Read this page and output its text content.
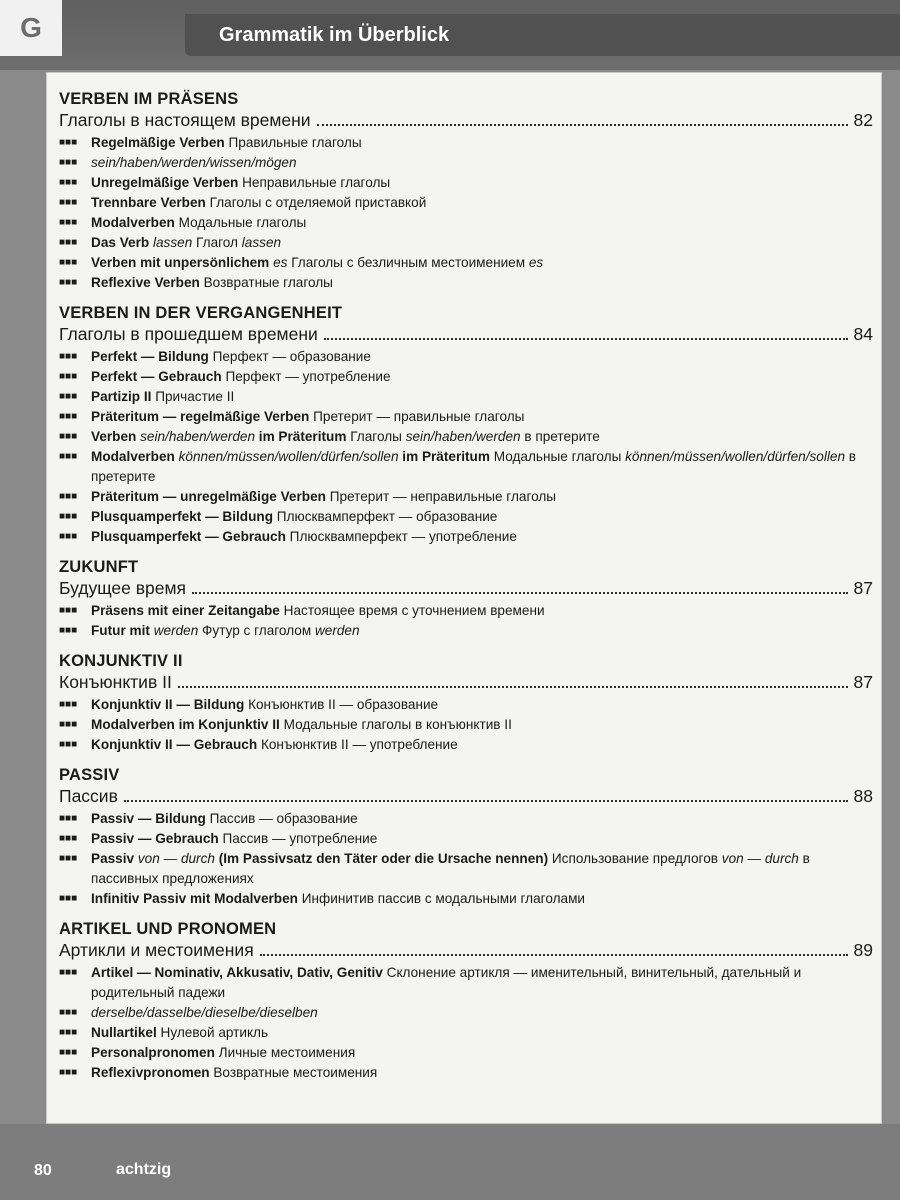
G	Grammatik im Überblick
VERBEN IM PRÄSENS
Глаголы в настоящем времени	82
■■■ Regelmäßige Verben Правильные глаголы
■■■ sein/haben/werden/wissen/mögen
■■■ Unregelmäßige Verben Неправильные глаголы
■■■ Trennbare Verben Глаголы с отделяемой приставкой
■■■ Modalverben Модальные глаголы
■■■ Das Verb lassen Глагол lassen
■■■ Verben mit unpersönlichem es Глаголы с безличным местоимением es
■■■ Reflexive Verben Возвратные глаголы
VERBEN IN DER VERGANGENHEIT
Глаголы в прошедшем времени	84
■■■ Perfekt — Bildung Перфект — образование
■■■ Perfekt — Gebrauch Перфект — употребление
■■■ Partizip II Причастие II
■■■ Präteritum — regelmäßige Verben Претерит — правильные глаголы
■■■ Verben sein/haben/werden im Präteritum Глаголы sein/haben/werden в претерите
■■■ Modalverben können/müssen/wollen/dürfen/sollen im Präteritum Модальные глаголы können/müssen/wollen/dürfen/sollen в претерите
■■■ Präteritum — unregelmäßige Verben Претерит — неправильные глаголы
■■■ Plusquamperfekt — Bildung Плюсквамперфект — образование
■■■ Plusquamperfekt — Gebrauch Плюсквамперфект — употребление
ZUKUNFT
Будущее время	87
■■■ Präsens mit einer Zeitangabe Настоящее время с уточнением времени
■■■ Futur mit werden Футур с глаголом werden
KONJUNKTIV II
Конъюнктив II	87
■■■ Konjunktiv II — Bildung Конъюнктив II — образование
■■■ Modalverben im Konjunktiv II Модальные глаголы в конъюнктив II
■■■ Konjunktiv II — Gebrauch Конъюнктив II — употребление
PASSIV
Пассив	88
■■■ Passiv — Bildung Пассив — образование
■■■ Passiv — Gebrauch Пассив — употребление
■■■ Passiv von — durch (Im Passivsatz den Täter oder die Ursache nennen) Использование предлогов von — durch в пассивных предложениях
■■■ Infinitiv Passiv mit Modalverben Инфинитив пассив с модальными глаголами
ARTIKEL UND PRONOMEN
Артикли и местоимения	89
■■■ Artikel — Nominativ, Akkusativ, Dativ, Genitiv Склонение артикля — именительный, винительный, дательный и родительный падежи
■■■ derselbe/dasselbe/dieselbe/dieselben
■■■ Nullartikel Нулевой артикль
■■■ Personalpronomen Личные местоимения
■■■ Reflexivpronomen Возвратные местоимения
80	achtzig
